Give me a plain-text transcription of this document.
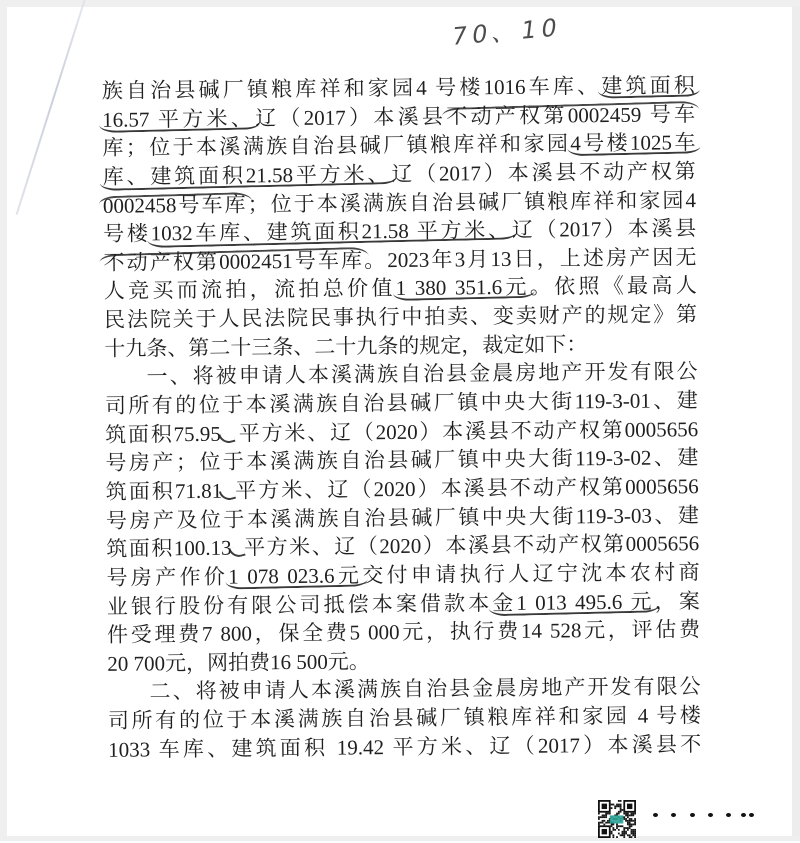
70、10
族自治县碱厂镇粮库祥和家园4 号楼1016车库、建筑面积
16.57 平方米、辽（2017）本溪县不动产权第0002459 号车
库；位于本溪满族自治县碱厂镇粮库祥和家园4号楼1025车
库、建筑面积21.58平方米、辽（2017）本溪县不动产权第
0002458号车库；位于本溪满族自治县碱厂镇粮库祥和家园4
号楼1032车库、建筑面积21.58 平方米、辽（2017）本溪县
不动产权第0002451号车库。2023年3月13日，上述房产因无
人竞买而流拍，流拍总价值1 380 351.6元。依照《最高人
民法院关于人民法院民事执行中拍卖、变卖财产的规定》第
十九条、第二十三条、二十九条的规定，裁定如下：
一、将被申请人本溪满族自治县金晨房地产开发有限公
司所有的位于本溪满族自治县碱厂镇中央大街119-3-01、建
筑面积75.95 平方米、辽（2020）本溪县不动产权第0005656
号房产；位于本溪满族自治县碱厂镇中央大街119-3-02、建
筑面积71.81 平方米、辽（2020）本溪县不动产权第0005656
号房产及位于本溪满族自治县碱厂镇中央大街119-3-03、建
筑面积100.13 平方米、辽（2020）本溪县不动产权第0005656
号房产作价1 078 023.6元交付申请执行人辽宁沈本农村商
业银行股份有限公司抵偿本案借款本金1 013 495.6 元，案
件受理费7 800，保全费5 000元，执行费14 528元，评估费
20 700元，网拍费16 500元。
二、将被申请人本溪满族自治县金晨房地产开发有限公
司所有的位于本溪满族自治县碱厂镇粮库祥和家园 4 号楼
1033 车库、建筑面积 19.42 平方米、辽（2017）本溪县不
